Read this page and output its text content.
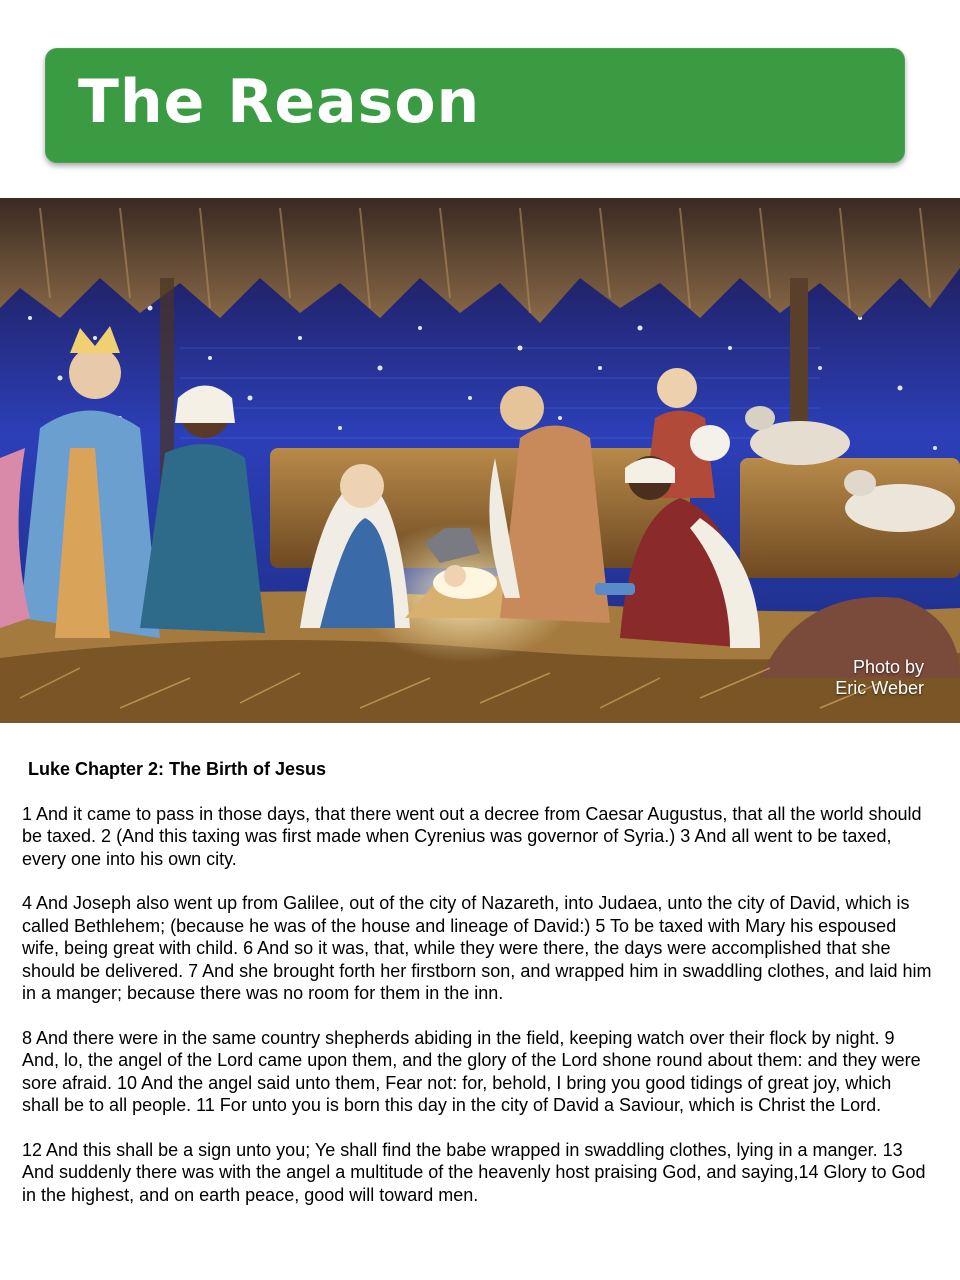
The Reason
Photo by
Eric Weber
Luke Chapter 2: The Birth of Jesus

1 And it came to pass in those days, that there went out a decree from Caesar Augustus, that all the world should be taxed. 2 (And this taxing was first made when Cyrenius was governor of Syria.) 3 And all went to be taxed, every one into his own city.

4 And Joseph also went up from Galilee, out of the city of Nazareth, into Judaea, unto the city of David, which is called Bethlehem; (because he was of the house and lineage of David:) 5 To be taxed with Mary his espoused wife, being great with child. 6 And so it was, that, while they were there, the days were accomplished that she should be delivered. 7 And she brought forth her firstborn son, and wrapped him in swaddling clothes, and laid him in a manger; because there was no room for them in the inn.

8 And there were in the same country shepherds abiding in the field, keeping watch over their flock by night. 9 And, lo, the angel of the Lord came upon them, and the glory of the Lord shone round about them: and they were sore afraid. 10 And the angel said unto them, Fear not: for, behold, I bring you good tidings of great joy, which shall be to all people. 11 For unto you is born this day in the city of David a Saviour, which is Christ the Lord.

12 And this shall be a sign unto you; Ye shall find the babe wrapped in swaddling clothes, lying in a manger. 13 And suddenly there was with the angel a multitude of the heavenly host praising God, and saying,14 Glory to God in the highest, and on earth peace, good will toward men.
